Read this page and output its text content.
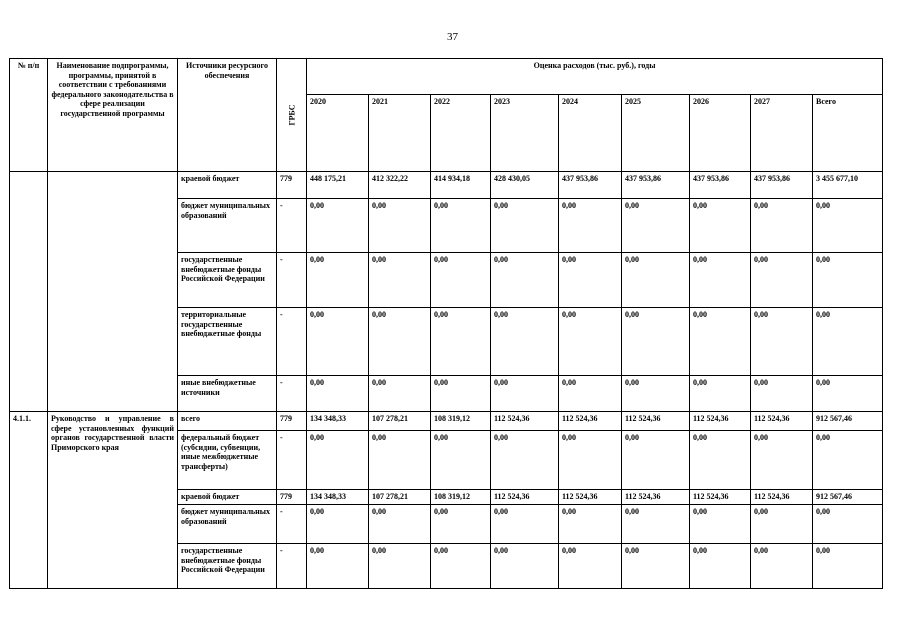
37
№ п/п	Наименование подпрограммы, программы, принятой в соответствии с требованиями федерального законодательства в сфере реализации государственной программы	Источники ресурсного обеспечения	ГРБС	Оценка расходов (тыс. руб.), годы								
				2020	2021	2022	2023	2024	2025	2026	2027	Всего
		краевой бюджет	779	448 175,21	412 322,22	414 934,18	428 430,05	437 953,86	437 953,86	437 953,86	437 953,86	3 455 677,10
		бюджет муниципальных образований	-	0,00	0,00	0,00	0,00	0,00	0,00	0,00	0,00	0,00
		государственные внебюджетные фонды Российской Федерации	-	0,00	0,00	0,00	0,00	0,00	0,00	0,00	0,00	0,00
		территориальные государственные внебюджетные фонды	-	0,00	0,00	0,00	0,00	0,00	0,00	0,00	0,00	0,00
		иные внебюджетные источники	-	0,00	0,00	0,00	0,00	0,00	0,00	0,00	0,00	0,00
4.1.1.	Руководство и управление в сфере установленных функций органов государственной власти Приморского края	всего	779	134 348,33	107 278,21	108 319,12	112 524,36	112 524,36	112 524,36	112 524,36	112 524,36	912 567,46
		федеральный бюджет (субсидии, субвенции, иные межбюджетные трансферты)	-	0,00	0,00	0,00	0,00	0,00	0,00	0,00	0,00	0,00
		краевой бюджет	779	134 348,33	107 278,21	108 319,12	112 524,36	112 524,36	112 524,36	112 524,36	112 524,36	912 567,46
		бюджет муниципальных образований	-	0,00	0,00	0,00	0,00	0,00	0,00	0,00	0,00	0,00
		государственные внебюджетные фонды Российской Федерации	-	0,00	0,00	0,00	0,00	0,00	0,00	0,00	0,00	0,00
